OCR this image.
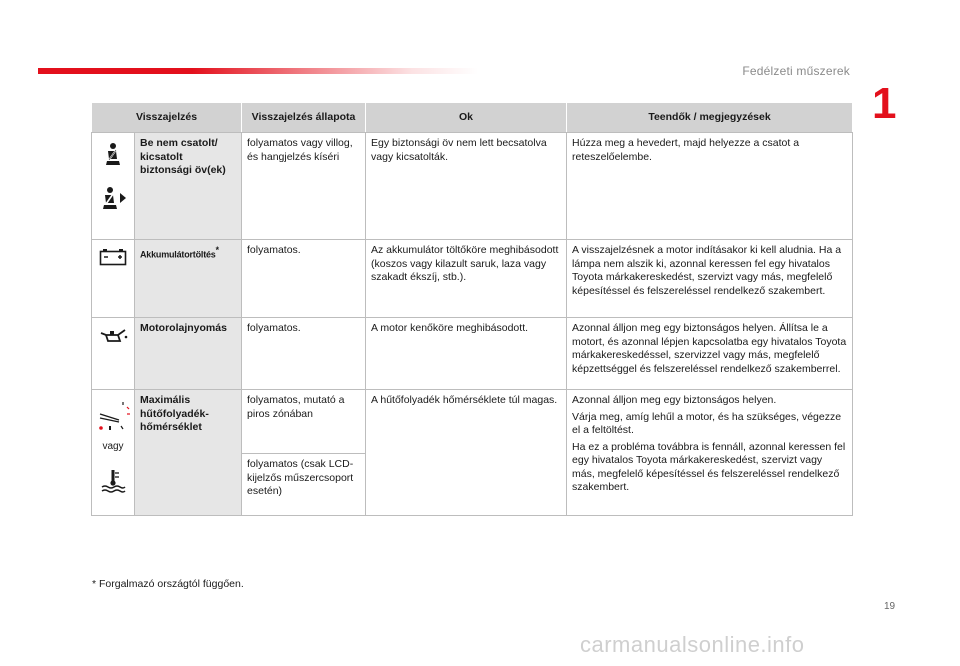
Fedélzeti műszerek
1
Visszajelzés		Visszajelzés állapota	Ok	Teendők / megjegyzések

	Be nem csatolt/ kicsatolt biztonsági öv(ek)	folyamatos vagy villog, és hangjelzés kíséri	Egy biztonsági öv nem lett becsatolva vagy kicsatolták.	Húzza meg a hevedert, majd helyezze a csatot a reteszelőelembe.

	Akkumulátortöltés*	folyamatos.	Az akkumulátor töltőköre meghibásodott (koszos vagy kilazult saruk, laza vagy szakadt ékszíj, stb.).	A visszajelzésnek a motor indításakor ki kell aludnia. Ha a lámpa nem alszik ki, azonnal keressen fel egy hivatalos Toyota márkakereskedést, szervizt vagy más, megfelelő képesítéssel és felszereléssel rendelkező szakembert.

	Motorolajnyomás	folyamatos.	A motor kenőköre meghibásodott.	Azonnal álljon meg egy biztonságos helyen. Állítsa le a motort, és azonnal lépjen kapcsolatba egy hivatalos Toyota márkakereskedéssel, szervizzel vagy más, megfelelő képzettséggel és felszereléssel rendelkező szakemberrel.

vagy	Maximális hűtőfolyadék-hőmérséklet	folyamatos, mutató a piros zónában	A hűtőfolyadék hőmérséklete túl magas.	Azonnal álljon meg egy biztonságos helyen.
Várja meg, amíg lehűl a motor, és ha szükséges, végezze el a feltöltést.
Ha ez a probléma továbbra is fennáll, azonnal keressen fel egy hivatalos Toyota márkakereskedést, szervizt vagy más, megfelelő képesítéssel és felszereléssel rendelkező szakembert.

		folyamatos (csak LCD-kijelzős műszercsoport esetén)		
* Forgalmazó országtól függően.
19
carmanualsonline.info
